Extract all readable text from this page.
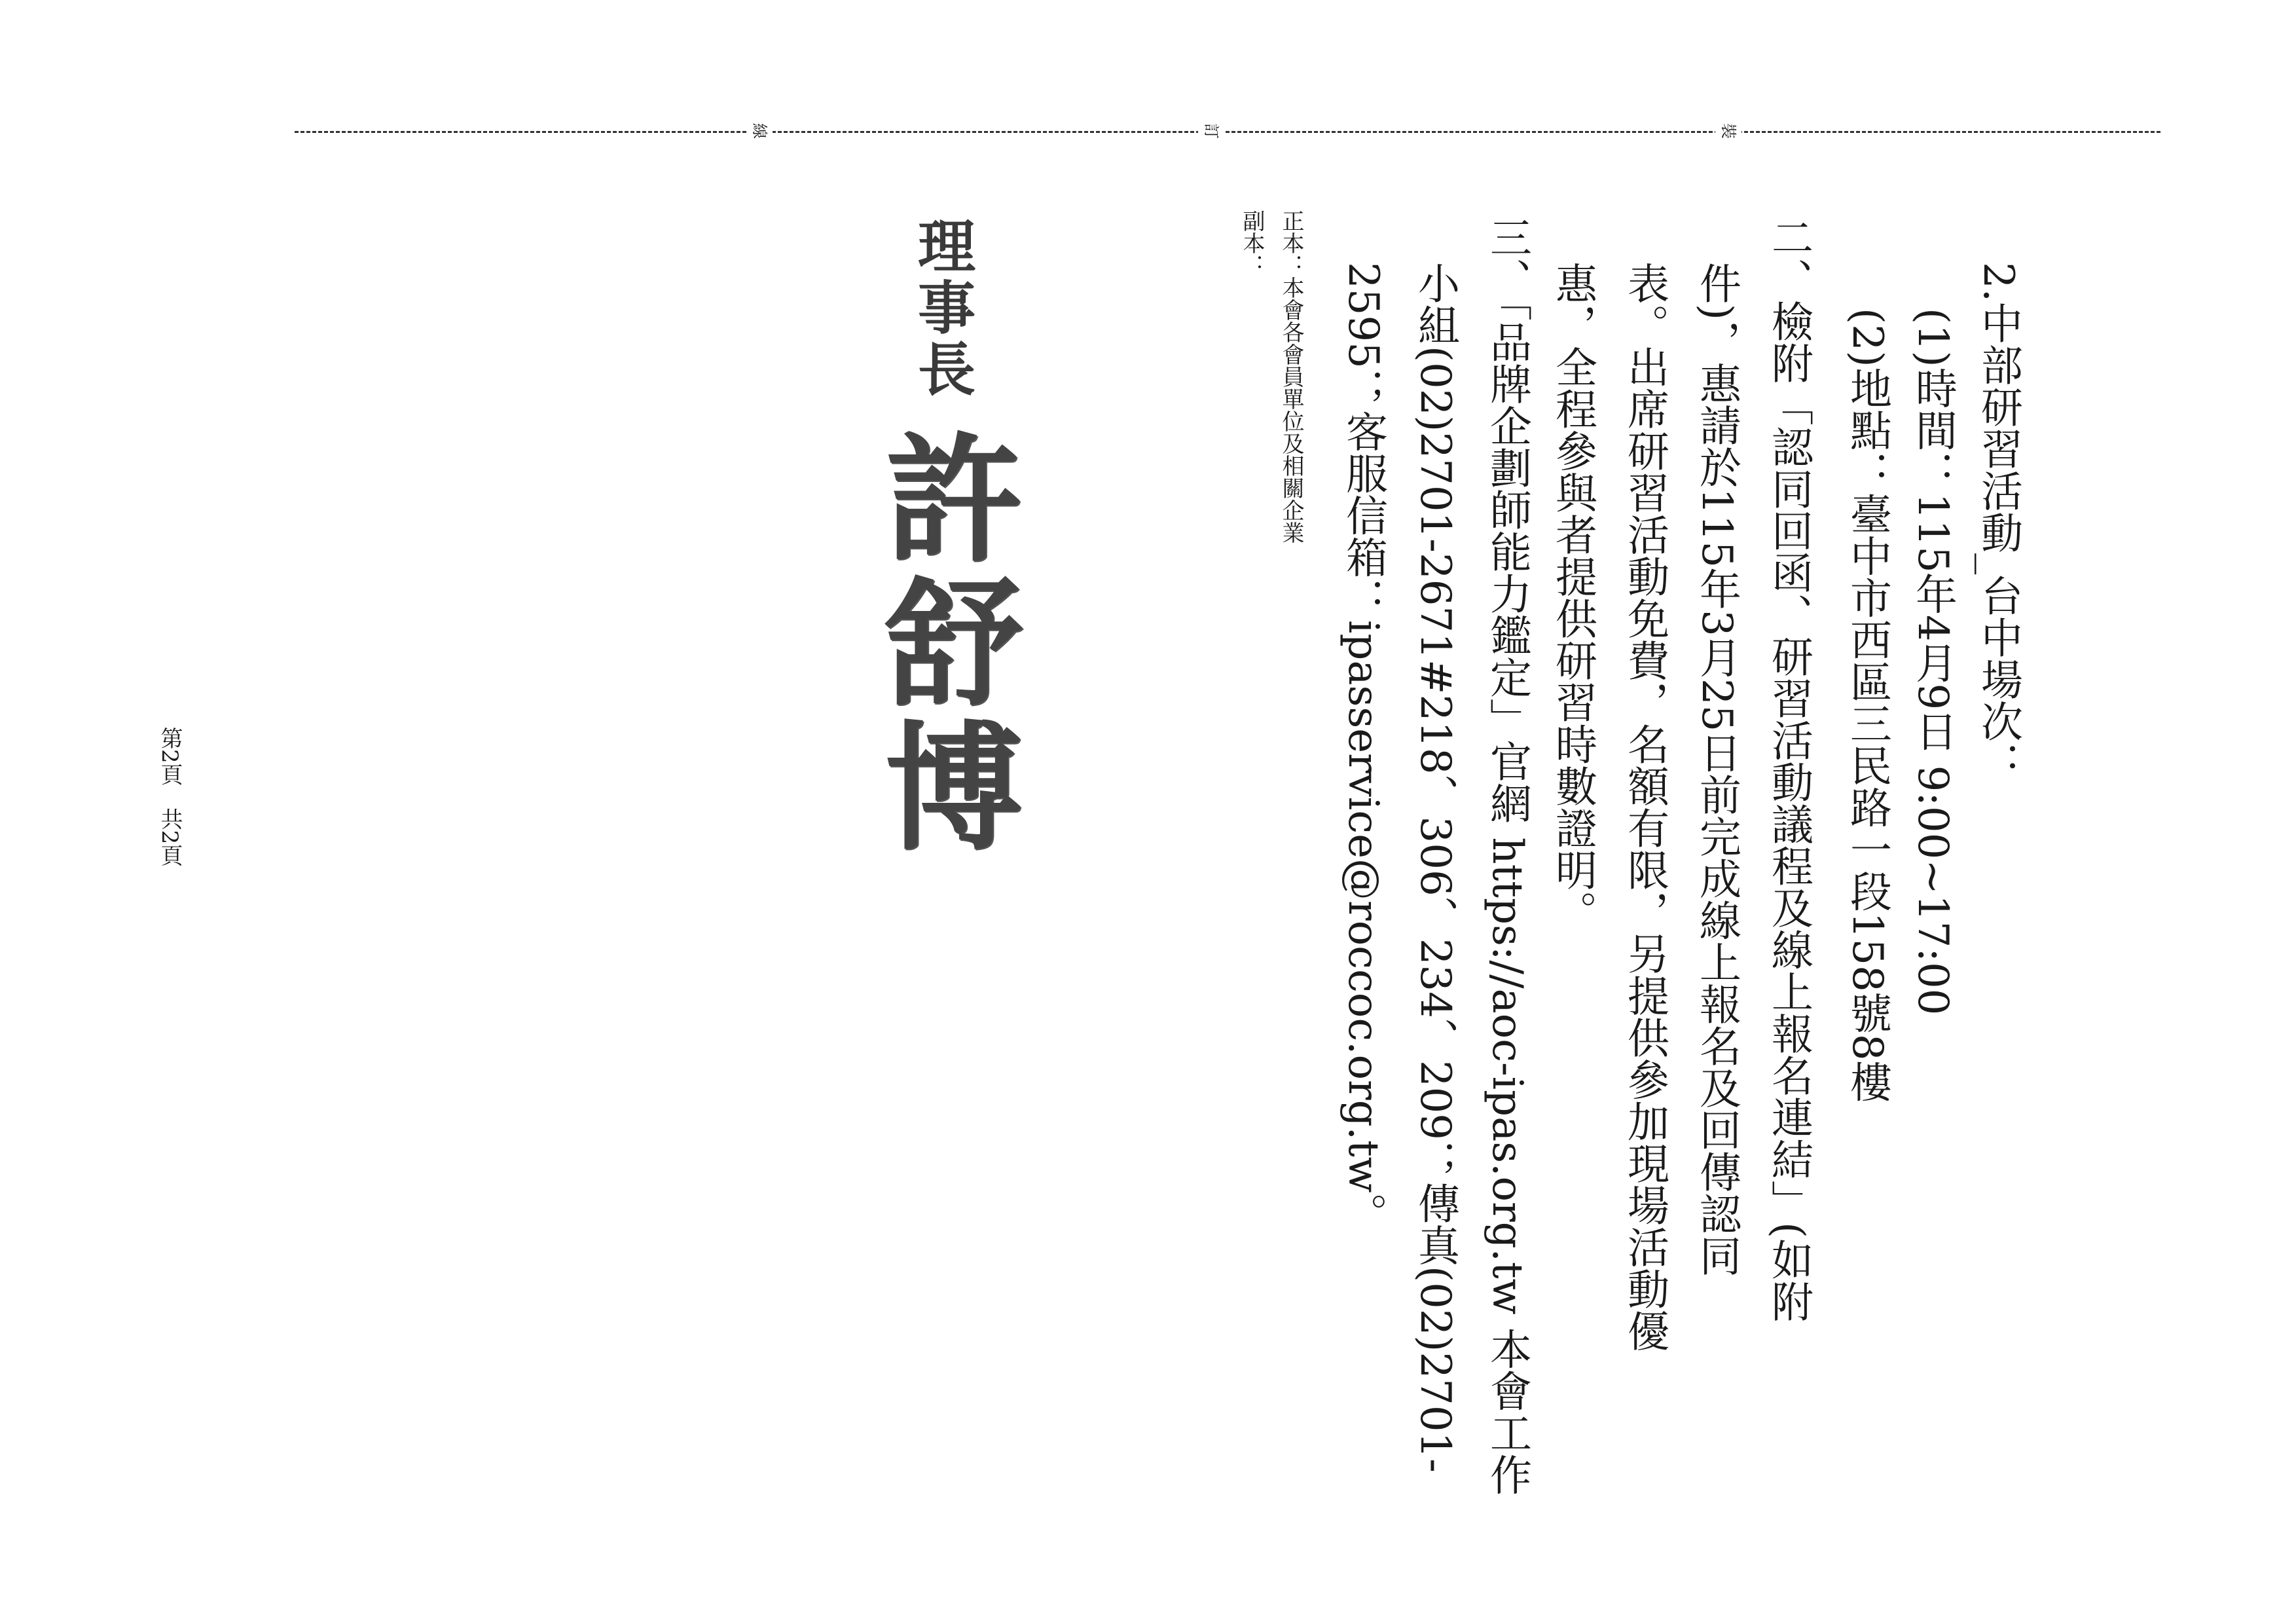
裝
訂
線
2.中部研習活動_台中場次：
(1)時間：115年4月9日 9:00~17:00
(2)地點：臺中市西區三民路一段158號8樓
二、檢附「認同回函、研習活動議程及線上報名連結」(如附
件)，惠請於115年3月25日前完成線上報名及回傳認同
表。出席研習活動免費，名額有限，另提供參加現場活動優
惠，全程參與者提供研習時數證明。
三、「品牌企劃師能力鑑定」官網 https://aoc-ipas.org.tw 本會工作
小組(02)2701-2671#218、306、234、209；傳真(02)2701-
2595；客服信箱：ipasservice@roccoc.org.tw。
正本：本會各會員單位及相關企業
副本：
理事長
許舒博
第2頁　共2頁
